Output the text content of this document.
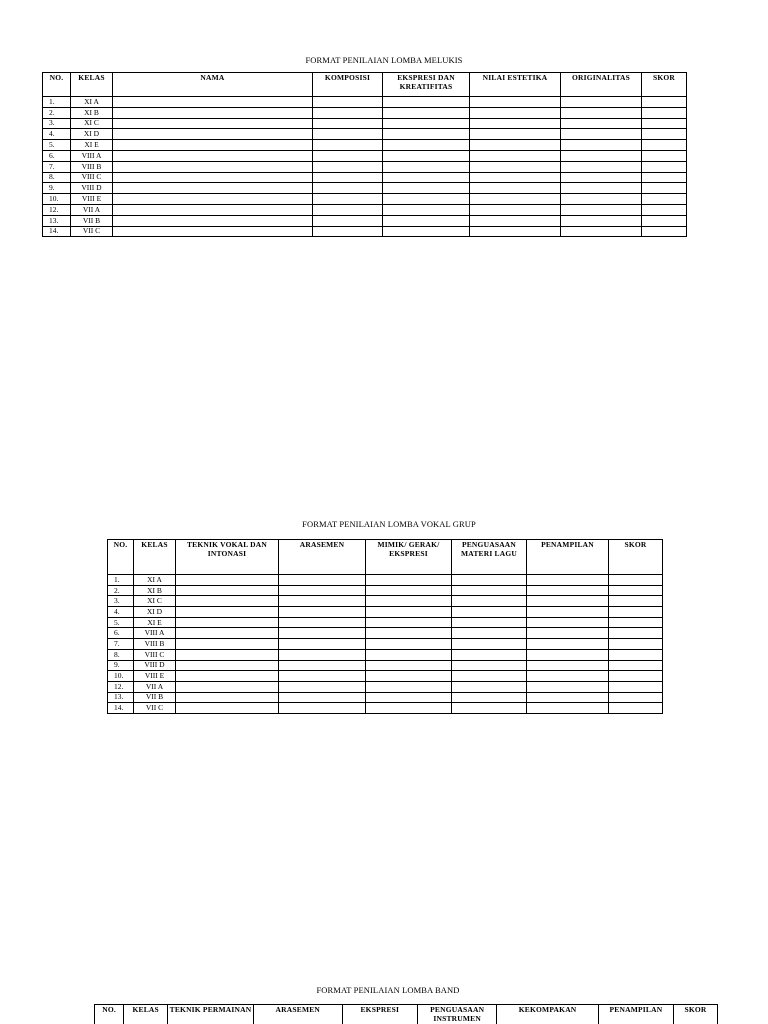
FORMAT PENILAIAN LOMBA MELUKIS
NO.	KELAS	NAMA	KOMPOSISI	EKSPRESI DAN KREATIFITAS	NILAI ESTETIKA	ORIGINALITAS	SKOR
1.	XI A						
2.	XI B						
3.	XI C						
4.	XI D						
5.	XI E						
6.	VIII A						
7.	VIII B						
8.	VIII C						
9.	VIII D						
10.	VIII E						
12.	VII A						
13.	VII B						
14.	VII C						
FORMAT PENILAIAN LOMBA VOKAL GRUP
NO.	KELAS	TEKNIK VOKAL DAN INTONASI	ARASEMEN	MIMIK/ GERAK/ EKSPRESI	PENGUASAAN MATERI LAGU	PENAMPILAN	SKOR
1.	XI A						
2.	XI B						
3.	XI C						
4.	XI D						
5.	XI E						
6.	VIII A						
7.	VIII B						
8.	VIII C						
9.	VIII D						
10.	VIII E						
12.	VII A						
13.	VII B						
14.	VII C						
FORMAT PENILAIAN LOMBA BAND
NO.	KELAS	TEKNIK PERMAINAN	ARASEMEN	EKSPRESI	PENGUASAAN INSTRUMEN	KEKOMPAKAN	PENAMPILAN	SKOR
